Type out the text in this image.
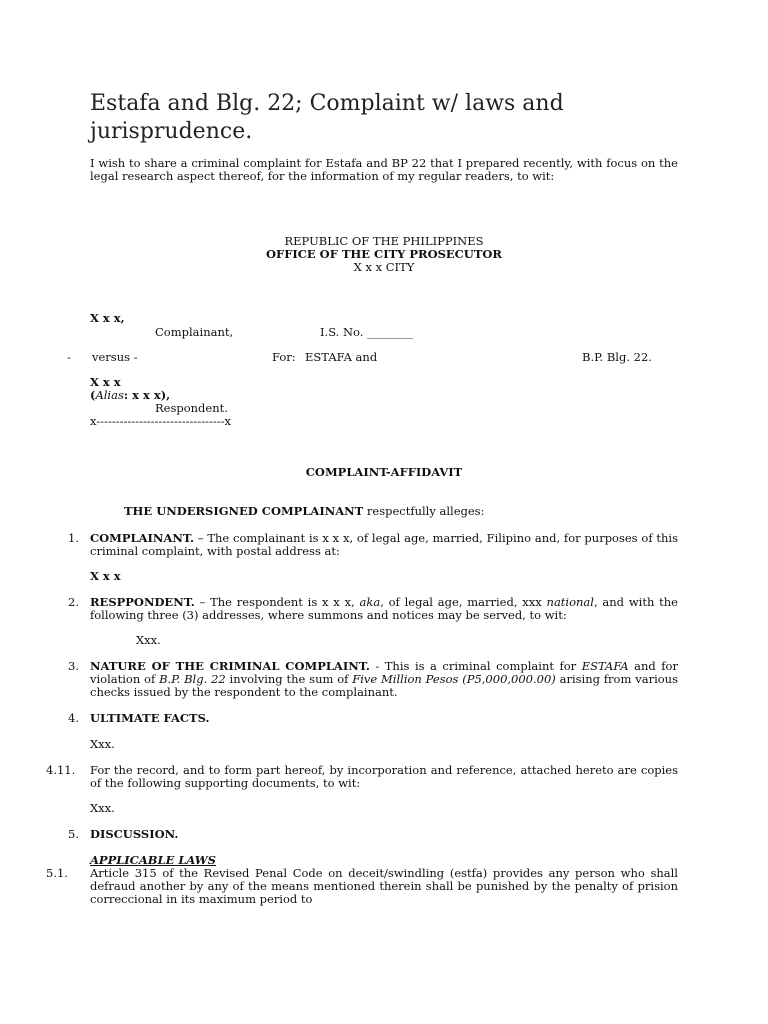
Estafa and Blg. 22; Complaint w/ laws and jurisprudence.
I wish to share a criminal complaint for Estafa and BP 22 that I prepared recently, with focus on the legal research aspect thereof, for the information of my regular readers, to wit:
REPUBLIC OF THE PHILIPPINES
OFFICE OF THE CITY PROSECUTOR
X x x CITY
X x x,
Complainant,	I.S. No. ________
- versus -	For: ESTAFA and	B.P. Blg. 22.
X x x
(Alias: x x x),
Respondent.
x---------------------------------x
COMPLAINT-AFFIDAVIT
THE UNDERSIGNED COMPLAINANT respectfully alleges:
1. COMPLAINANT. – The complainant is x x x, of legal age, married, Filipino and, for purposes of this criminal complaint, with postal address at:
X x x
2. RESPPONDENT. – The respondent is x x x, aka, of legal age, married, xxx national, and with the following three (3) addresses, where summons and notices may be served, to wit:
Xxx.
3. NATURE OF THE CRIMINAL COMPLAINT. - This is a criminal complaint for ESTAFA and for violation of B.P. Blg. 22 involving the sum of Five Million Pesos (P5,000,000.00) arising from various checks issued by the respondent to the complainant.
4. ULTIMATE FACTS.
Xxx.
4.11. For the record, and to form part hereof, by incorporation and reference, attached hereto are copies of the following supporting documents, to wit:
Xxx.
5. DISCUSSION.
APPLICABLE LAWS
5.1. Article 315 of the Revised Penal Code on deceit/swindling (estfa) provides any person who shall defraud another by any of the means mentioned therein shall be punished by the penalty of prision correccional in its maximum period to
